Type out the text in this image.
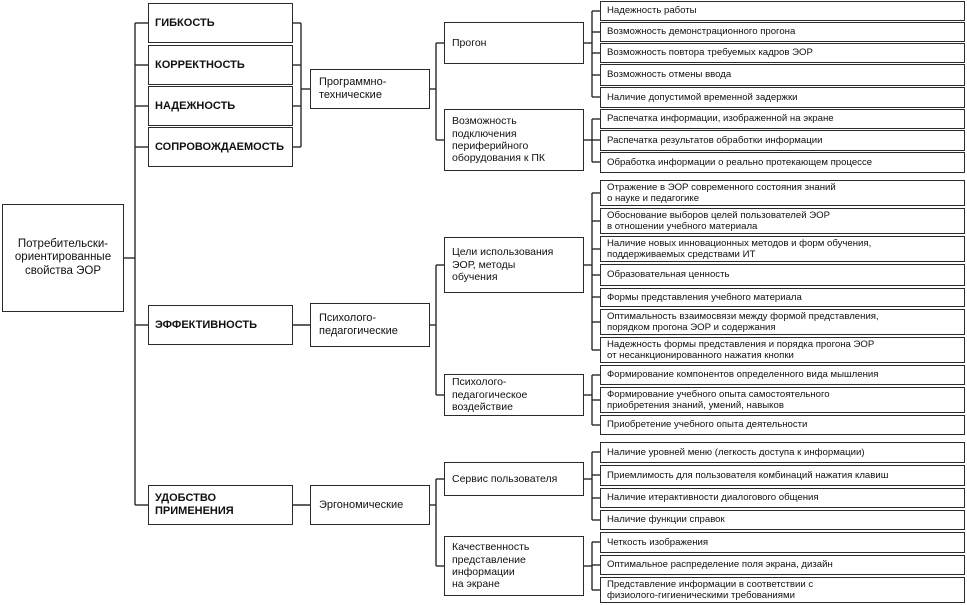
Потребительски-
ориентированные
свойства ЭОР
ГИБКОСТЬ
КОРРЕКТНОСТЬ
НАДЕЖНОСТЬ
СОПРОВОЖДАЕМОСТЬ
ЭФФЕКТИВНОСТЬ
УДОБСТВО
ПРИМЕНЕНИЯ
Программно-
технические
Психолого-
педагогические
Эргономические
Прогон
Возможность
подключения
периферийного
оборудования к ПК
Цели использования
ЭОР, методы
обучения
Психолого-
педагогическое
воздействие
Сервис пользователя
Качественность
представление
информации
на экране
Надежность работы
Возможность демонстрационного прогона
Возможность повтора требуемых кадров ЭОР
Возможность отмены ввода
Наличие допустимой временной задержки
Распечатка информации, изображенной на экране
Распечатка результатов обработки информации
Обработка информации о реально протекающем процессе
Отражение в ЭОР современного состояния знаний
о науке и педагогике
Обоснование выборов целей пользователей ЭОР
в отношении учебного материала
Наличие новых инновационных методов и форм обучения,
поддерживаемых средствами ИТ
Образовательная ценность
Формы представления учебного материала
Оптимальность взаимосвязи между формой представления,
порядком прогона ЭОР и содержания
Надежность формы представления и порядка прогона ЭОР
от несанкционированного нажатия кнопки
Формирование компонентов определенного вида мышления
Формирование учебного опыта самостоятельного
приобретения знаний, умений, навыков
Приобретение учебного опыта деятельности
Наличие уровней меню (легкость доступа к информации)
Приемлимость для пользователя комбинаций нажатия клавиш
Наличие итерактивности диалогового общения
Наличие функции справок
Четкость изображения
Оптимальное распределение поля экрана, дизайн
Представление информации в соответствии с
физиолого-гигиеническими требованиями
